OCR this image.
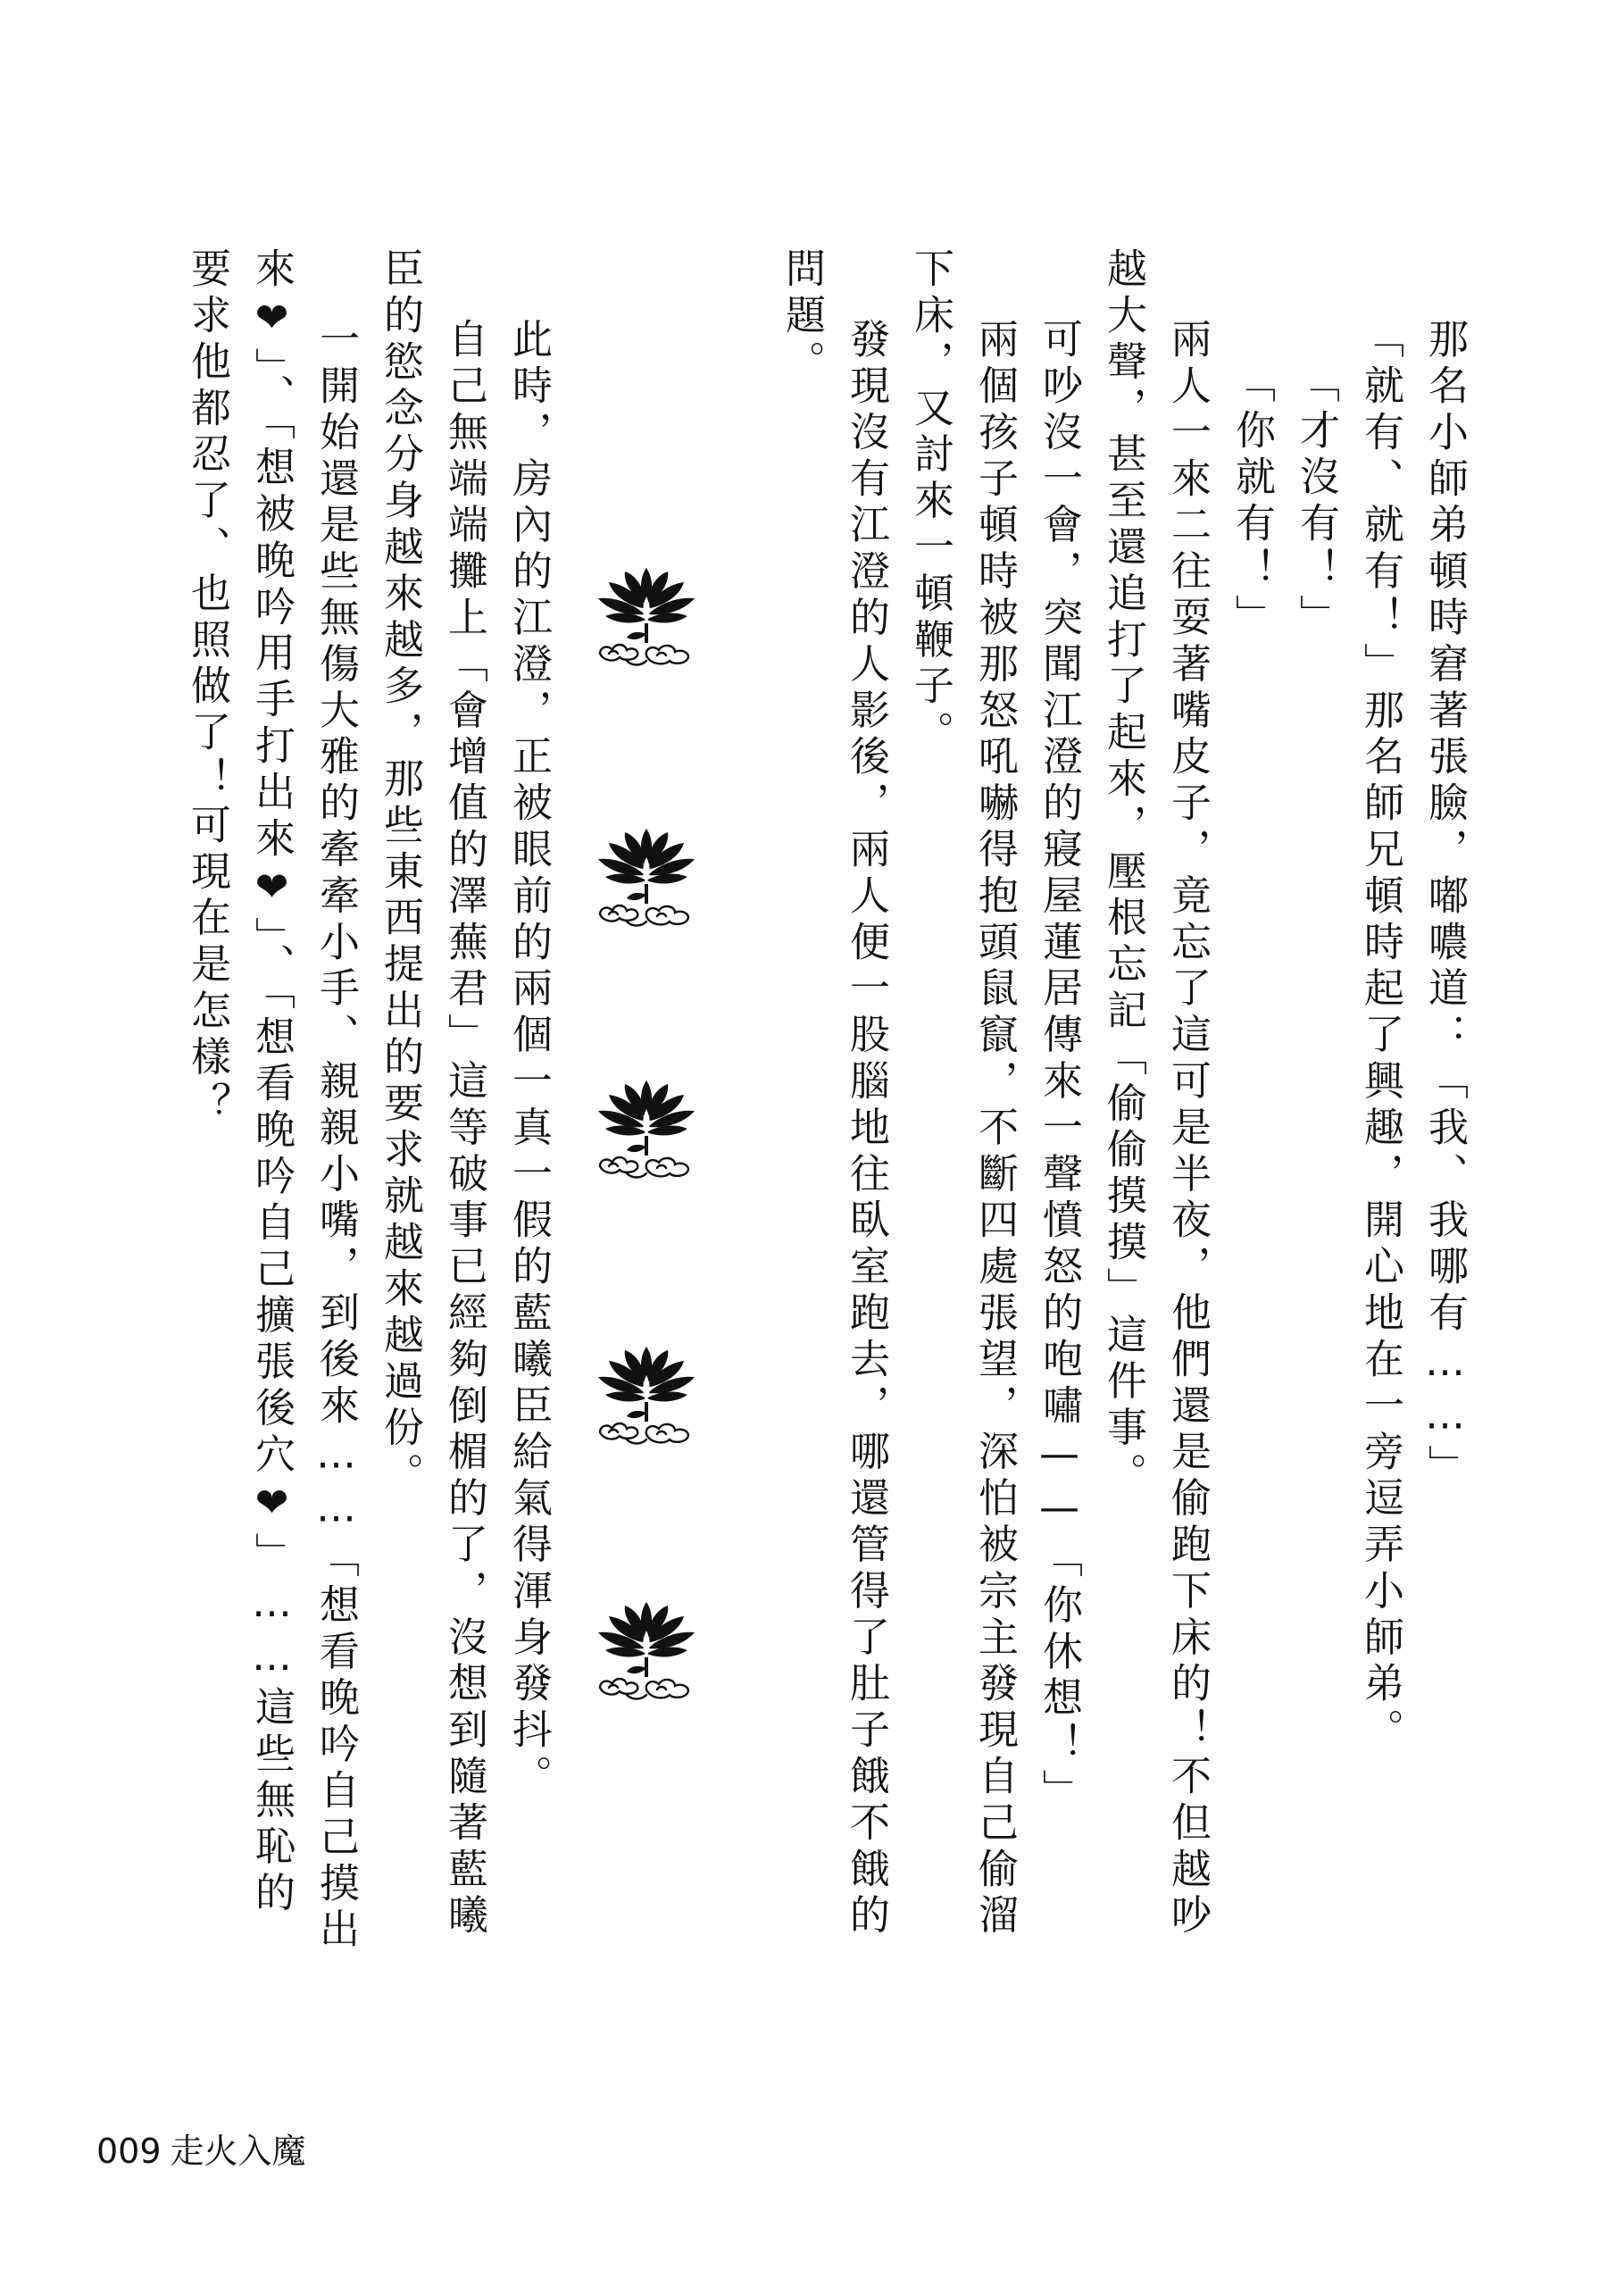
那名小師弟頓時窘著張臉，嘟噥道：「我、我哪有……」
「就有、就有！」那名師兄頓時起了興趣，開心地在一旁逗弄小師弟。
「才沒有！」
「你就有！」
兩人一來二往耍著嘴皮子，竟忘了這可是半夜，他們還是偷跑下床的！不但越吵
越大聲，甚至還追打了起來，壓根忘記「偷偷摸摸」這件事。
可吵沒一會，突聞江澄的寢屋蓮居傳來一聲憤怒的咆嘯——「你休想！」
兩個孩子頓時被那怒吼嚇得抱頭鼠竄，不斷四處張望，深怕被宗主發現自己偷溜
下床，又討來一頓鞭子。
發現沒有江澄的人影後，兩人便一股腦地往臥室跑去，哪還管得了肚子餓不餓的
問題。
此時，房內的江澄，正被眼前的兩個一真一假的藍曦臣給氣得渾身發抖。
自己無端端攤上「會增值的澤蕪君」這等破事已經夠倒楣的了，沒想到隨著藍曦
臣的慾念分身越來越多，那些東西提出的要求就越來越過份。
一開始還是些無傷大雅的牽牽小手、親親小嘴，到後來……「想看晚吟自己摸出
來❤」、「想被晚吟用手打出來❤」、「想看晚吟自己擴張後穴❤」……這些無恥的
要求他都忍了、也照做了！可現在是怎樣？
009 走火入魔
